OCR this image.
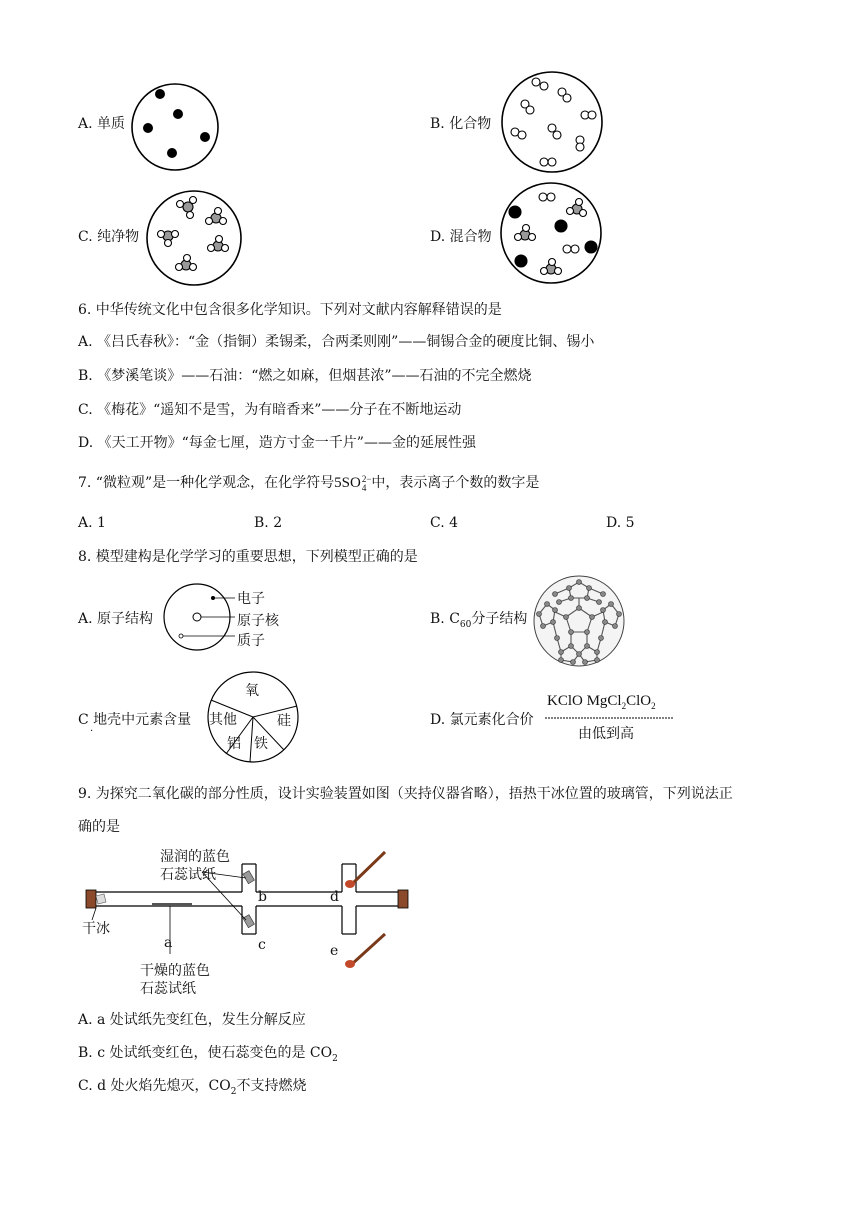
A. 单质	B. 化合物
C. 纯净物	D. 混合物
6. 中华传统文化中包含很多化学知识。下列对文献内容解释错误的是
A. 《吕氏春秋》：“金（指铜）柔锡柔，合两柔则刚”——铜锡合金的硬度比铜、锡小
B. 《梦溪笔谈》——石油：“燃之如麻，但烟甚浓”——石油的不完全燃烧
C. 《梅花》“遥知不是雪，为有暗香来”——分子在不断地运动
D. 《天工开物》“每金七厘，造方寸金一千片”——金的延展性强
7. “微粒观”是一种化学观念，在化学符号5SO 2−
4 中，表示离子个数的数字是
A. 1	B. 2	C. 4	D. 5
8. 模型建构是化学学习的重要思想，下列模型正确的是
A. 原子结构
电子
原子核
质子
B. $C_{60}$分子结构
C 地壳中元素含量
·
氧
硅
铁
铝
其他	D. 氯元素化合价
KClO MgCl$_2$ClO$_2$
由低到高
9. 为探究二氧化碳的部分性质，设计实验装置如图（夹持仪器省略），捂热干冰位置的玻璃管，下列说法正
确的是
湿润的蓝色
石蕊试纸
干冰
a
b
c
d
e
干燥的蓝色
石蕊试纸
A. a 处试纸先变红色，发生分解反应
B. c 处试纸变红色，使石蕊变色的是 $CO_2$
C. d 处火焰先熄灭，$CO_2$不支持燃烧
